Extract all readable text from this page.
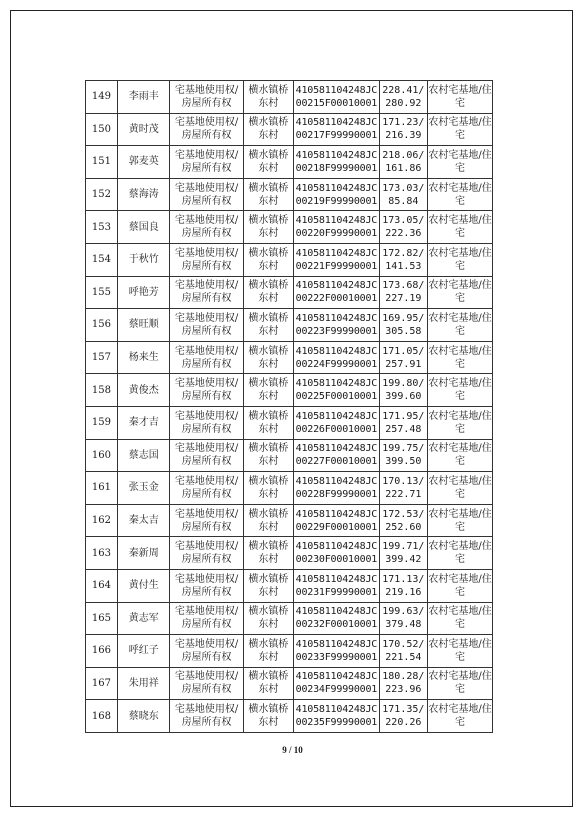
149	李雨丰	宅基地使用权/房屋所有权	横水镇桥东村	410581104248JC00215F00010001	228.41/280.92	农村宅基地/住宅
150	黄时茂	宅基地使用权/房屋所有权	横水镇桥东村	410581104248JC00217F99990001	171.23/216.39	农村宅基地/住宅
151	郭麦英	宅基地使用权/房屋所有权	横水镇桥东村	410581104248JC00218F99990001	218.06/161.86	农村宅基地/住宅
152	蔡海涛	宅基地使用权/房屋所有权	横水镇桥东村	410581104248JC00219F99990001	173.03/85.84	农村宅基地/住宅
153	蔡国良	宅基地使用权/房屋所有权	横水镇桥东村	410581104248JC00220F99990001	173.05/222.36	农村宅基地/住宅
154	于秋竹	宅基地使用权/房屋所有权	横水镇桥东村	410581104248JC00221F99990001	172.82/141.53	农村宅基地/住宅
155	呼艳芳	宅基地使用权/房屋所有权	横水镇桥东村	410581104248JC00222F00010001	173.68/227.19	农村宅基地/住宅
156	蔡旺顺	宅基地使用权/房屋所有权	横水镇桥东村	410581104248JC00223F99990001	169.95/305.58	农村宅基地/住宅
157	杨来生	宅基地使用权/房屋所有权	横水镇桥东村	410581104248JC00224F99990001	171.05/257.91	农村宅基地/住宅
158	黄俊杰	宅基地使用权/房屋所有权	横水镇桥东村	410581104248JC00225F00010001	199.80/399.60	农村宅基地/住宅
159	秦才吉	宅基地使用权/房屋所有权	横水镇桥东村	410581104248JC00226F00010001	171.95/257.48	农村宅基地/住宅
160	蔡志国	宅基地使用权/房屋所有权	横水镇桥东村	410581104248JC00227F00010001	199.75/399.50	农村宅基地/住宅
161	张玉金	宅基地使用权/房屋所有权	横水镇桥东村	410581104248JC00228F99990001	170.13/222.71	农村宅基地/住宅
162	秦太吉	宅基地使用权/房屋所有权	横水镇桥东村	410581104248JC00229F00010001	172.53/252.60	农村宅基地/住宅
163	秦新周	宅基地使用权/房屋所有权	横水镇桥东村	410581104248JC00230F00010001	199.71/399.42	农村宅基地/住宅
164	黄付生	宅基地使用权/房屋所有权	横水镇桥东村	410581104248JC00231F99990001	171.13/219.16	农村宅基地/住宅
165	黄志军	宅基地使用权/房屋所有权	横水镇桥东村	410581104248JC00232F00010001	199.63/379.48	农村宅基地/住宅
166	呼红子	宅基地使用权/房屋所有权	横水镇桥东村	410581104248JC00233F99990001	170.52/221.54	农村宅基地/住宅
167	朱用祥	宅基地使用权/房屋所有权	横水镇桥东村	410581104248JC00234F99990001	180.28/223.96	农村宅基地/住宅
168	蔡晓东	宅基地使用权/房屋所有权	横水镇桥东村	410581104248JC00235F99990001	171.35/220.26	农村宅基地/住宅
9 / 10
